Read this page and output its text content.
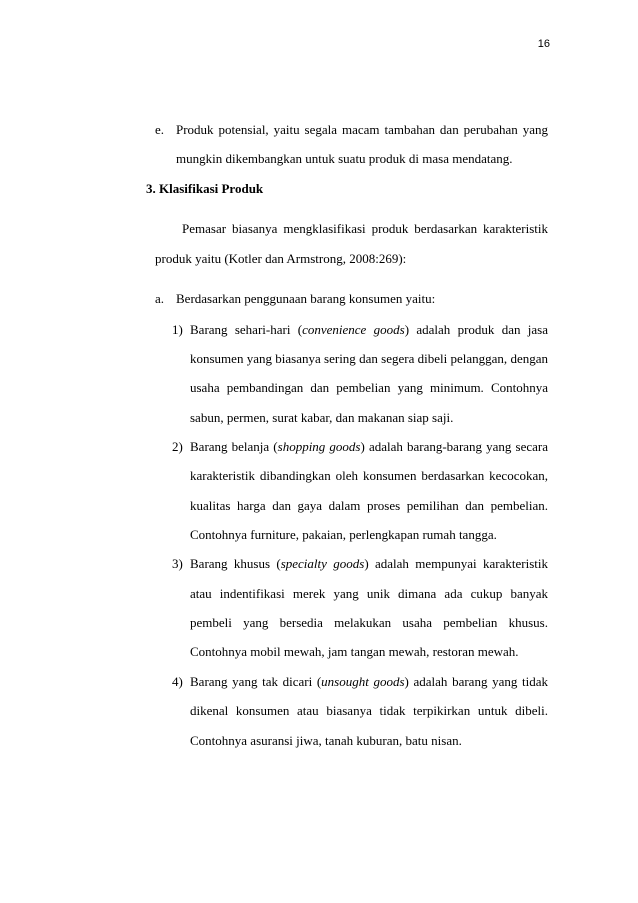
16
e. Produk potensial, yaitu segala macam tambahan dan perubahan yang
mungkin dikembangkan untuk suatu produk di masa mendatang.
3. Klasifikasi Produk
Pemasar biasanya mengklasifikasi produk berdasarkan karakteristik
produk yaitu (Kotler dan Armstrong, 2008:269):
a. Berdasarkan penggunaan barang konsumen yaitu:
1) Barang sehari-hari (convenience goods) adalah produk dan jasa
konsumen yang biasanya sering dan segera dibeli pelanggan, dengan
usaha pembandingan dan pembelian yang minimum. Contohnya
sabun, permen, surat kabar, dan makanan siap saji.
2) Barang belanja (shopping goods) adalah barang-barang yang secara
karakteristik dibandingkan oleh konsumen berdasarkan kecocokan,
kualitas harga dan gaya dalam proses pemilihan dan pembelian.
Contohnya furniture, pakaian, perlengkapan rumah tangga.
3) Barang khusus (specialty goods) adalah mempunyai karakteristik
atau indentifikasi merek yang unik dimana ada cukup banyak
pembeli yang bersedia melakukan usaha pembelian khusus.
Contohnya mobil mewah, jam tangan mewah, restoran mewah.
4) Barang yang tak dicari (unsought goods) adalah barang yang tidak
dikenal konsumen atau biasanya tidak terpikirkan untuk dibeli.
Contohnya asuransi jiwa, tanah kuburan, batu nisan.
